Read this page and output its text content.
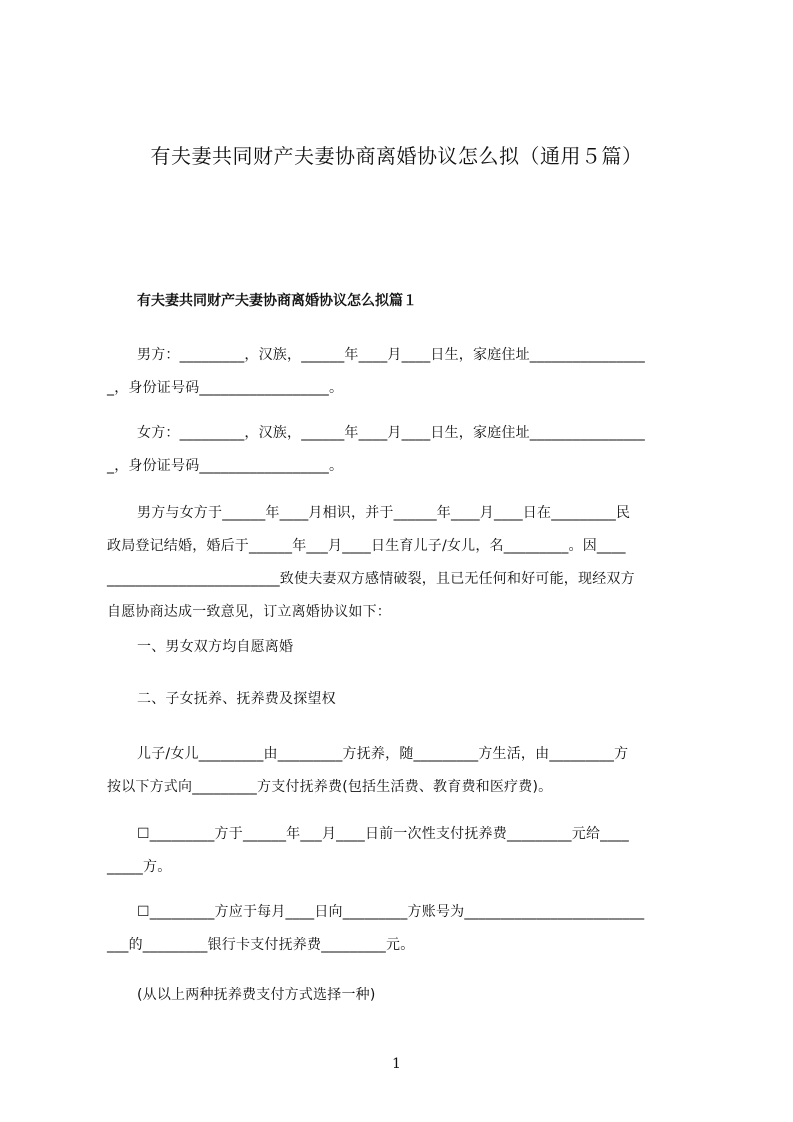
有夫妻共同财产夫妻协商离婚协议怎么拟（通用５篇）
有夫妻共同财产夫妻协商离婚协议怎么拟篇１
男方：_________，汉族，______年____月____日生，家庭住址________________
_，身份证号码__________________。
女方：_________，汉族，______年____月____日生，家庭住址________________
_，身份证号码__________________。
男方与女方于______年____月相识，并于______年____月____日在_________民
政局登记结婚，婚后于______年___月____日生育儿子/女儿，名_________。因____
________________________致使夫妻双方感情破裂，且已无任何和好可能，现经双方
自愿协商达成一致意见，订立离婚协议如下：
一、男女双方均自愿离婚
二、子女抚养、抚养费及探望权
儿子/女儿_________由_________方抚养，随_________方生活，由_________方
按以下方式向_________方支付抚养费(包括生活费、教育费和医疗费)。
☐_________方于______年___月____日前一次性支付抚养费_________元给____
_____方。
☐_________方应于每月____日向_________方账号为_________________________
___的_________银行卡支付抚养费_________元。
(从以上两种抚养费支付方式选择一种)
1
